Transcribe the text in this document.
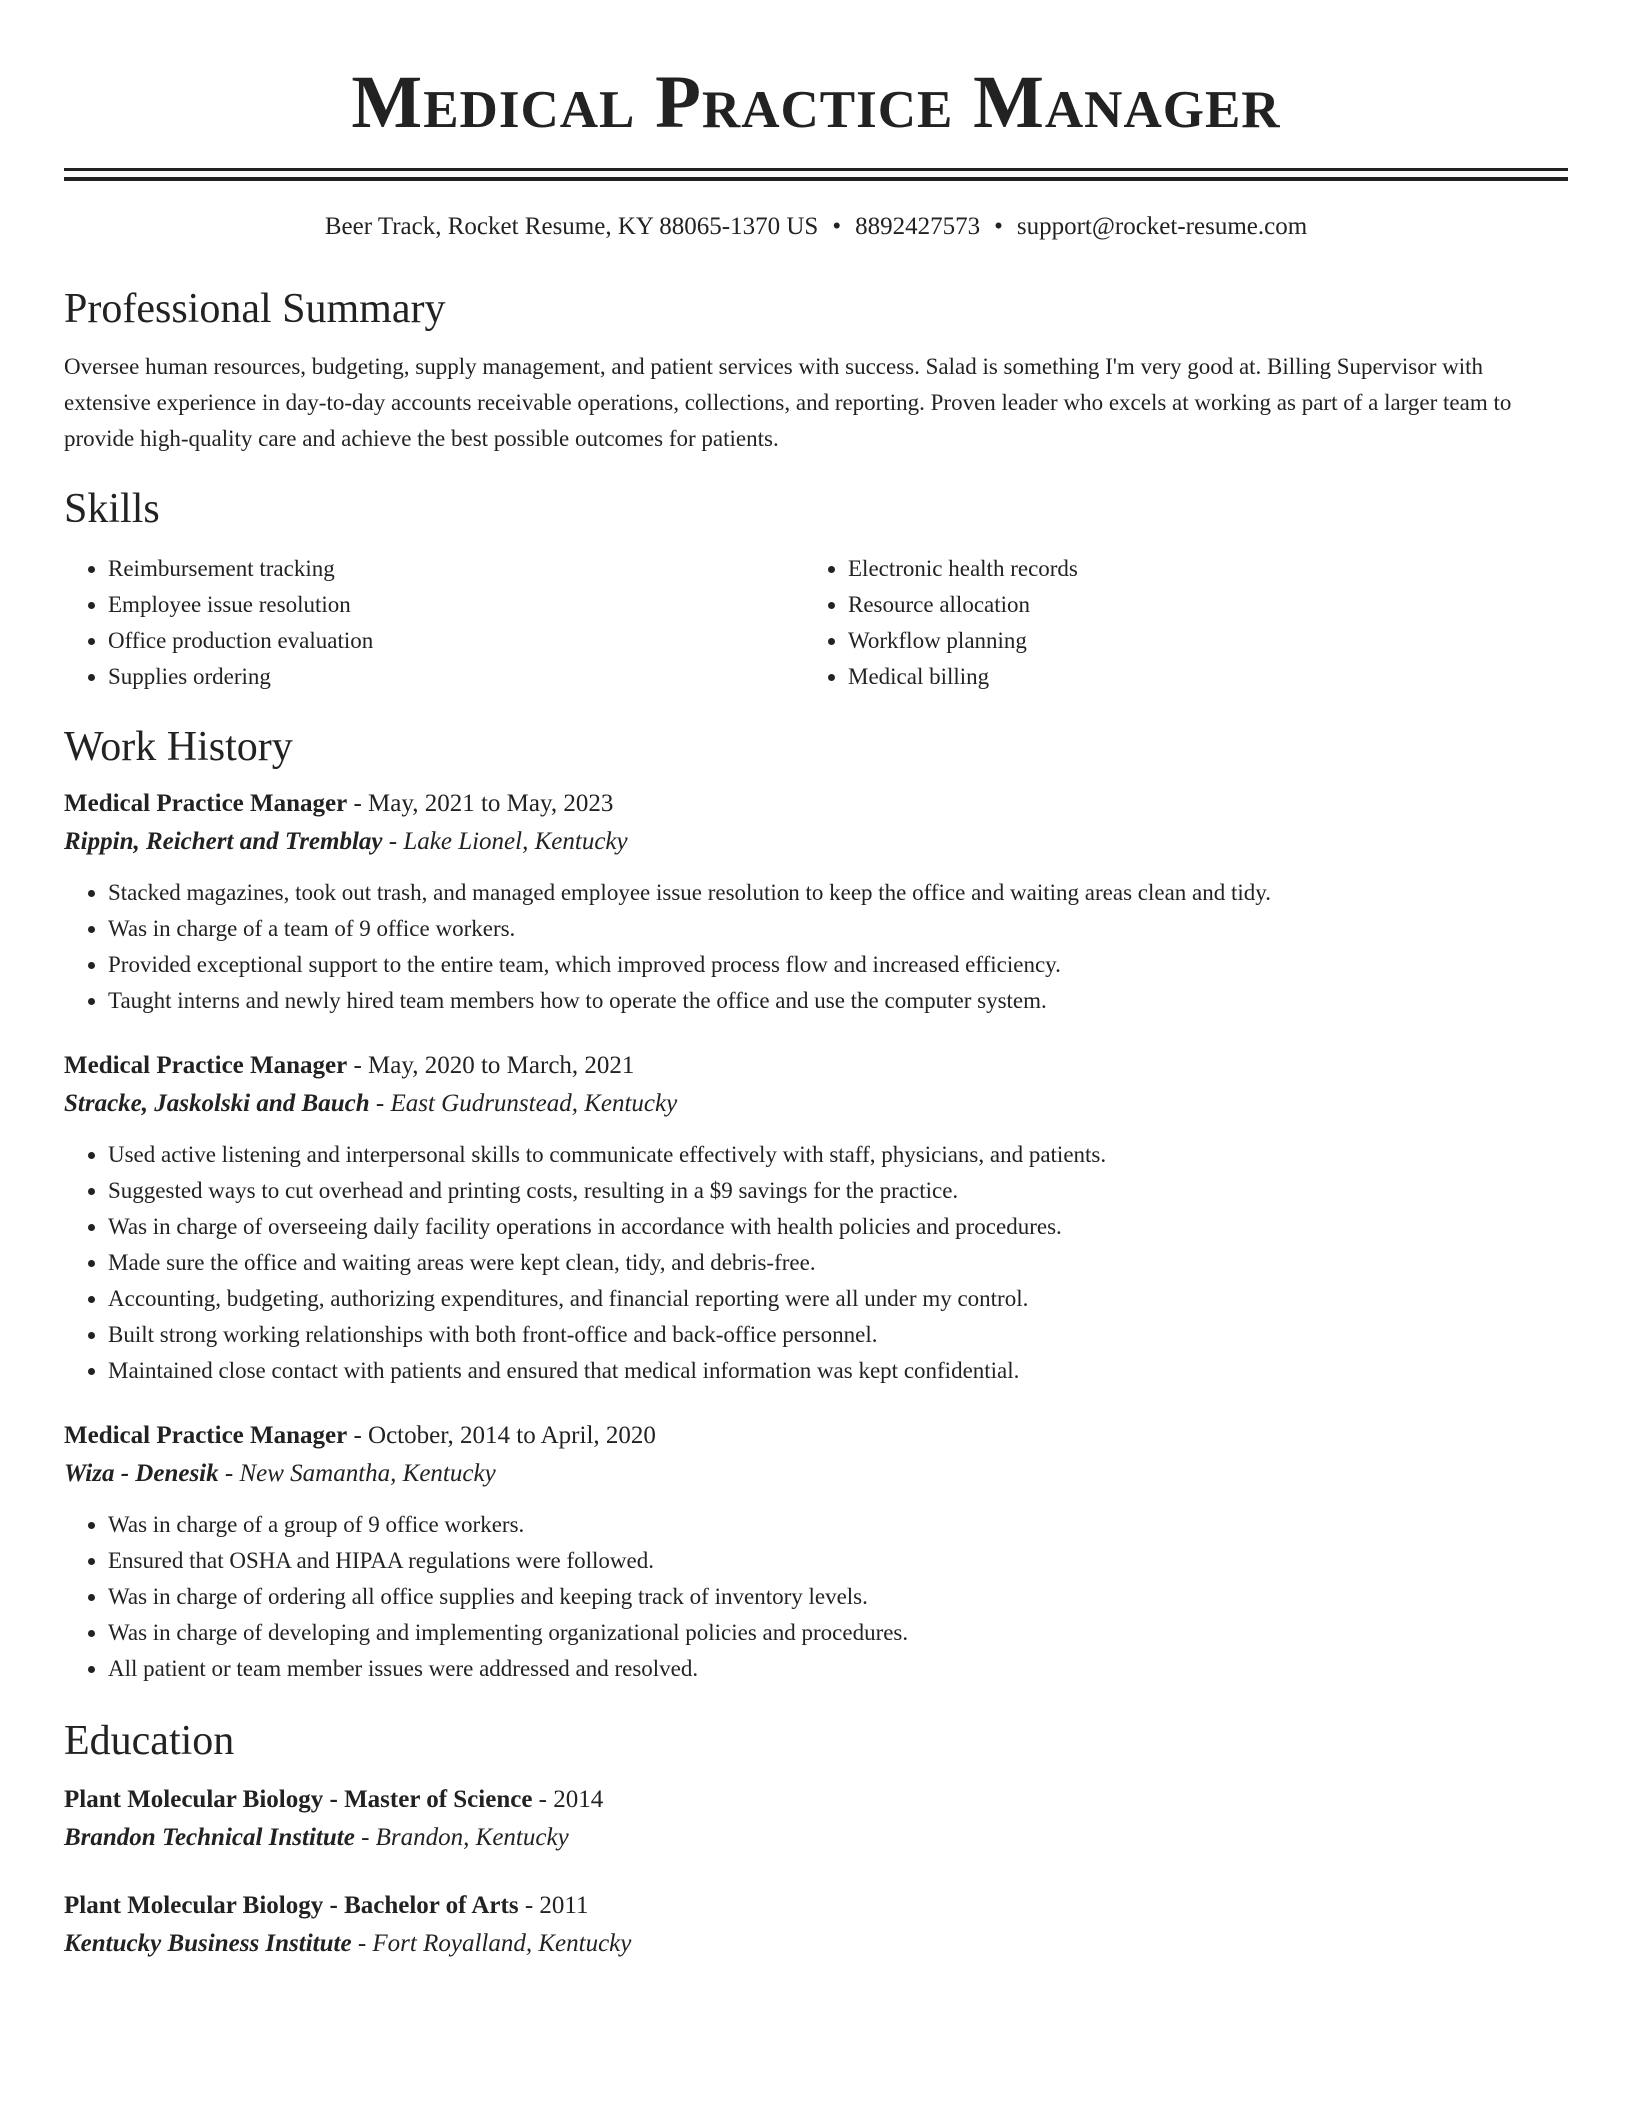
Medical Practice Manager
Beer Track, Rocket Resume, KY 88065-1370 US • 8892427573 • support@rocket-resume.com
Professional Summary
Oversee human resources, budgeting, supply management, and patient services with success. Salad is something I'm very good at. Billing Supervisor with extensive experience in day-to-day accounts receivable operations, collections, and reporting. Proven leader who excels at working as part of a larger team to provide high-quality care and achieve the best possible outcomes for patients.
Skills
• Reimbursement tracking
• Employee issue resolution
• Office production evaluation
• Supplies ordering
• Electronic health records
• Resource allocation
• Workflow planning
• Medical billing
Work History
Medical Practice Manager - May, 2021 to May, 2023
Rippin, Reichert and Tremblay - Lake Lionel, Kentucky
• Stacked magazines, took out trash, and managed employee issue resolution to keep the office and waiting areas clean and tidy.
• Was in charge of a team of 9 office workers.
• Provided exceptional support to the entire team, which improved process flow and increased efficiency.
• Taught interns and newly hired team members how to operate the office and use the computer system.
Medical Practice Manager - May, 2020 to March, 2021
Stracke, Jaskolski and Bauch - East Gudrunstead, Kentucky
• Used active listening and interpersonal skills to communicate effectively with staff, physicians, and patients.
• Suggested ways to cut overhead and printing costs, resulting in a $9 savings for the practice.
• Was in charge of overseeing daily facility operations in accordance with health policies and procedures.
• Made sure the office and waiting areas were kept clean, tidy, and debris-free.
• Accounting, budgeting, authorizing expenditures, and financial reporting were all under my control.
• Built strong working relationships with both front-office and back-office personnel.
• Maintained close contact with patients and ensured that medical information was kept confidential.
Medical Practice Manager - October, 2014 to April, 2020
Wiza - Denesik - New Samantha, Kentucky
• Was in charge of a group of 9 office workers.
• Ensured that OSHA and HIPAA regulations were followed.
• Was in charge of ordering all office supplies and keeping track of inventory levels.
• Was in charge of developing and implementing organizational policies and procedures.
• All patient or team member issues were addressed and resolved.
Education
Plant Molecular Biology - Master of Science - 2014
Brandon Technical Institute - Brandon, Kentucky
Plant Molecular Biology - Bachelor of Arts - 2011
Kentucky Business Institute - Fort Royalland, Kentucky
